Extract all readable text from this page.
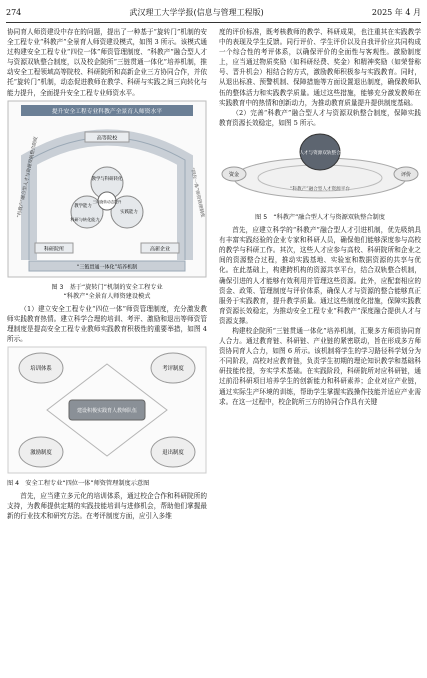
274	武汉理工大学学报(信息与管理工程版)	2025 年 4 月

协同育人师资建设中存在的问题，提出了一种基于“旋转门”机制的安全工程专业“科教产”全景育人师资建设模式，如图 3 所示。该模式通过构建安全工程专业“四位一体”师资管理制度、“科教产”融合型人才与资源双轨整合制度，以及校企院所“三链贯通一体化”培养机制，推动安全工程领域高等院校、科研院所和高新企业三方协同合作，并依托“旋转门”机制，动态促进教师在教学、科研与实践之间三向转化与能力提升，全面提升安全工程专业师资水平。

提升安全工程专业科教产全景育人师资水平
“科教产”融合型人才与资源双轨整合制度	“四位一体”师资管理制度
高等院校
教学与科研转化
三向旋转动态提升
科研与转化能力
实践能力
教学能力
科研院所	高新企业
“三链贯通一体化”培养机制
图 3　基于“旋转门”机制的安全工程专业
“科教产”全景育人师资建设模式

（1）建立安全工程专业“四位一体”师资管理制度，充分激发教师实践教育热情。建立科学合理的培训、考评、激励和退出等师资管理制度是提高安全工程专业教师实践教育积极性的重要举措，如图 4 所示。

培训体系	考评制度
激励制度	退出制度
建设积极实践育人教师队伍
图 4　安全工程专业“四位一体”师资管理制度示意图

首先，应当建立多元化的培训体系，通过校企合作和科研院所的支持，为教师提供定期的实践技能培训与进修机会，帮助他们掌握最新的行业技术和研究方法。在考评制度方面，应引入多维

度的评价标准，既考核教师的教学、科研成果，也注重其在实践教学中的表现及学生反馈。同行评价、学生评价以及自我评价应共同构成一个综合性的考评体系，以确保评价的全面性与客观性。激励制度上，应当通过物质奖励（如科研经费、奖金）和精神奖励（如荣誉称号、晋升机会）相结合的方式，激励教师积极参与实践教育。同时，从退出标准、预警机制、保障措施等方面设置退出制度，确保教师队伍的整体活力和实践教学质量。通过这些措施，能够充分激发教师在实践教育中的热情和创新动力，为推动教育质量提升提供制度基础。

（2）完善“科教产”融合型人才与资源双轨整合制度，保障实践教育资源长效稳定，如图 5 所示。

人才与资源双轨整合
资金	评价
“科教产”融合型人才资源平台
图 5　“科教产”融合型人才与资源双轨整合制度

首先，应建立科学的“科教产”融合型人才引进机制，优先吸纳具有丰富实践经验的企业专家和科研人员，确保他们能够深度参与高校的教学与科研工作。其次，这些人才应参与高校、科研院所和企业之间的资源整合过程，推动实践基地、实验室和数据资源的共享与优化。在此基础上，构建跨机构的资源共享平台，结合双轨整合机制，确保引进的人才能够有效利用并管理这些资源。此外，应配套相应的资金、政策、管理制度与评价体系，确保人才与资源的整合能够真正服务于实践教育，提升教学质量。通过这些制度化措施，保障实践教育资源长效稳定，为推动安全工程专业“科教产”深度融合提供人才与资源支撑。

构建校企院所“三链贯通一体化”培养机制，汇聚多方师资协同育人合力。通过教育链、科研链、产业链的紧密联动，旨在形成多方师资协同育人合力，如图 6 所示。该机制将学生的学习路径科学划分为不同阶段，高校对应教育链，负责学生初期的理论知识教学和基础科研技能传授，夯实学术基础。在实践阶段，科研院所对应科研链，通过前沿科研项目培养学生的创新能力和科研素养；企业对应产业链，通过实际生产环境的训练，帮助学生掌握实践操作技能并适应产业需求。在这一过程中，校企院所三方的协同合作具有关键
